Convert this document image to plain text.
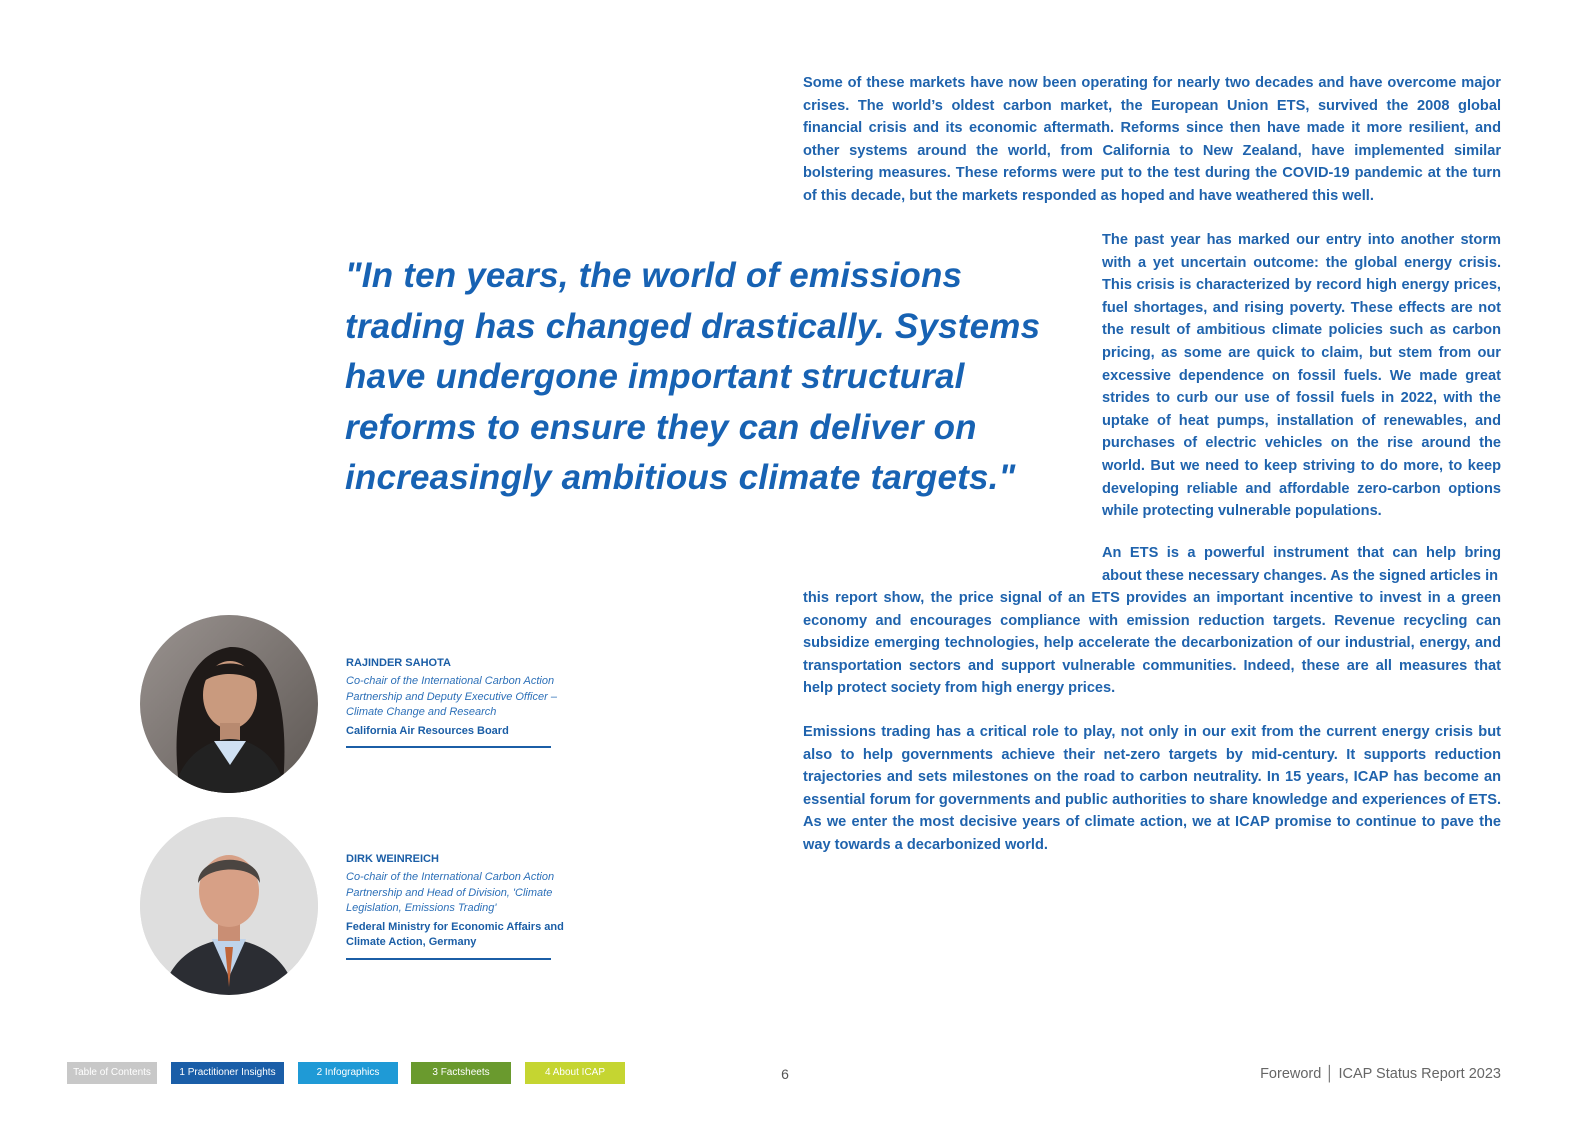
Some of these markets have now been operating for nearly two decades and have overcome major crises. The world’s oldest carbon market, the European Union ETS, survived the 2008 global financial crisis and its economic aftermath. Reforms since then have made it more resilient, and other systems around the world, from California to New Zealand, have implemented similar bolstering measures. These reforms were put to the test during the COVID-19 pandemic at the turn of this decade, but the markets responded as hoped and have weathered this well.

The past year has marked our entry into another storm with a yet uncertain outcome: the global energy crisis. This crisis is characterized by record high energy prices, fuel shortages, and rising poverty. These effects are not the result of ambitious climate policies such as carbon pricing, as some are quick to claim, but stem from our excessive dependence on fossil fuels. We made great strides to curb our use of fossil fuels in 2022, with the uptake of heat pumps, installation of renewables, and purchases of electric vehicles on the rise around the world. But we need to keep striving to do more, to keep developing reliable and affordable zero-carbon options while protecting vulnerable populations.

An ETS is a powerful instrument that can help bring about these necessary changes. As the signed articles in

this report show, the price signal of an ETS provides an important incentive to invest in a green economy and encourages compliance with emission reduction targets. Revenue recycling can subsidize emerging technologies, help accelerate the decarbonization of our industrial, energy, and transportation sectors and support vulnerable communities. Indeed, these are all measures that help protect society from high energy prices.

Emissions trading has a critical role to play, not only in our exit from the current energy crisis but also to help governments achieve their net-zero targets by mid-century. It supports reduction trajectories and sets milestones on the road to carbon neutrality. In 15 years, ICAP has become an essential forum for governments and public authorities to share knowledge and experiences of ETS. As we enter the most decisive years of climate action, we at ICAP promise to continue to pave the way towards a decarbonized world.

"In ten years, the world of emissions trading has changed drastically. Systems have undergone important structural reforms to ensure they can deliver on increasingly ambitious climate targets."

RAJINDER SAHOTA

Co-chair of the International Carbon Action Partnership and Deputy Executive Officer – Climate Change and Research

California Air Resources Board

DIRK WEINREICH

Co-chair of the International Carbon Action Partnership and Head of Division, 'Climate Legislation, Emissions Trading'

Federal Ministry for Economic Affairs and Climate Action, Germany

Table of Contents	1 Practitioner Insights	2 Infographics	3 Factsheets	4 About ICAP	6	Foreword │ ICAP Status Report 2023
